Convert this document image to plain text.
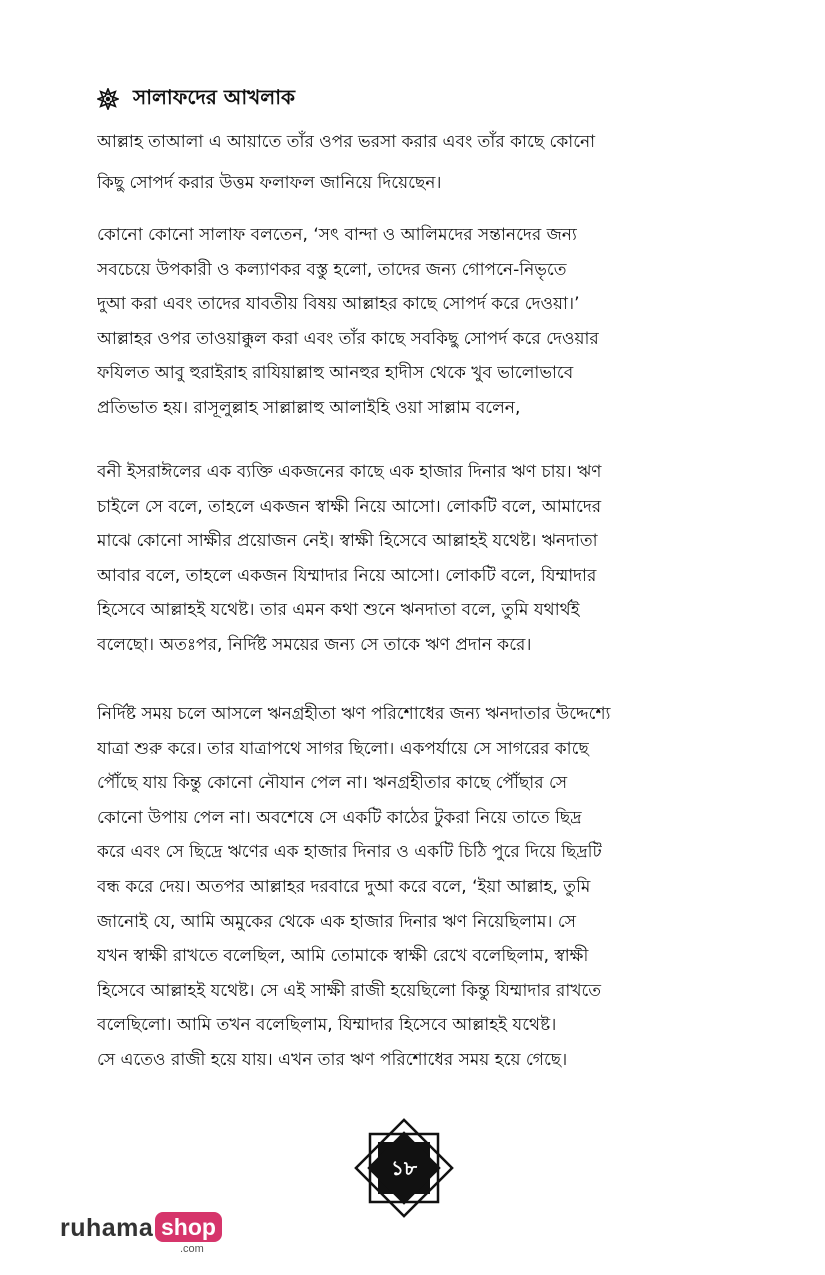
সালাফদের আখলাক
আল্লাহ তাআলা এ আয়াতে তাঁর ওপর ভরসা করার এবং তাঁর কাছে কোনো
কিছু সোপর্দ করার উত্তম ফলাফল জানিয়ে দিয়েছেন।
কোনো কোনো সালাফ বলতেন, ‘সৎ বান্দা ও আলিমদের সন্তানদের জন্য
সবচেয়ে উপকারী ও কল্যাণকর বস্তু হলো, তাদের জন্য গোপনে-নিভৃতে
দুআ করা এবং তাদের যাবতীয় বিষয় আল্লাহর কাছে সোপর্দ করে দেওয়া।’
আল্লাহর ওপর তাওয়াক্কুল করা এবং তাঁর কাছে সবকিছু সোপর্দ করে দেওয়ার
ফযিলত আবু হুরাইরাহ রাযিয়াল্লাহু আনহুর হাদীস থেকে খুব ভালোভাবে
প্রতিভাত হয়। রাসূলুল্লাহ সাল্লাল্লাহু আলাইহি ওয়া সাল্লাম বলেন,
বনী ইসরাঈলের এক ব্যক্তি একজনের কাছে এক হাজার দিনার ঋণ চায়। ঋণ
চাইলে সে বলে, তাহলে একজন স্বাক্ষী নিয়ে আসো। লোকটি বলে, আমাদের
মাঝে কোনো সাক্ষীর প্রয়োজন নেই। স্বাক্ষী হিসেবে আল্লাহই যথেষ্ট। ঋনদাতা
আবার বলে, তাহলে একজন যিম্মাদার নিয়ে আসো। লোকটি বলে, যিম্মাদার
হিসেবে আল্লাহই যথেষ্ট। তার এমন কথা শুনে ঋনদাতা বলে, তুমি যথার্থই
বলেছো। অতঃপর, নির্দিষ্ট সময়ের জন্য সে তাকে ঋণ প্রদান করে।
নির্দিষ্ট সময় চলে আসলে ঋনগ্রহীতা ঋণ পরিশোধের জন্য ঋনদাতার উদ্দেশ্যে
যাত্রা শুরু করে। তার যাত্রাপথে সাগর ছিলো। একপর্যায়ে সে সাগরের কাছে
পৌঁছে যায় কিন্তু কোনো নৌযান পেল না। ঋনগ্রহীতার কাছে পৌঁছার সে
কোনো উপায় পেল না। অবশেষে সে একটি কাঠের টুকরা নিয়ে তাতে ছিদ্র
করে এবং সে ছিদ্রে ঋণের এক হাজার দিনার ও একটি চিঠি পুরে দিয়ে ছিদ্রটি
বন্ধ করে দেয়। অতপর আল্লাহর দরবারে দুআ করে বলে, ‘ইয়া আল্লাহ, তুমি
জানোই যে, আমি অমুকের থেকে এক হাজার দিনার ঋণ নিয়েছিলাম। সে
যখন স্বাক্ষী রাখতে বলেছিল, আমি তোমাকে স্বাক্ষী রেখে বলেছিলাম, স্বাক্ষী
হিসেবে আল্লাহই যথেষ্ট। সে এই সাক্ষী রাজী হয়েছিলো কিন্তু যিম্মাদার রাখতে
বলেছিলো। আমি তখন বলেছিলাম, যিম্মাদার হিসেবে আল্লাহই যথেষ্ট।
সে এতেও রাজী হয়ে যায়। এখন তার ঋণ পরিশোধের সময় হয়ে গেছে।
১৮
ruhama shop
.com
